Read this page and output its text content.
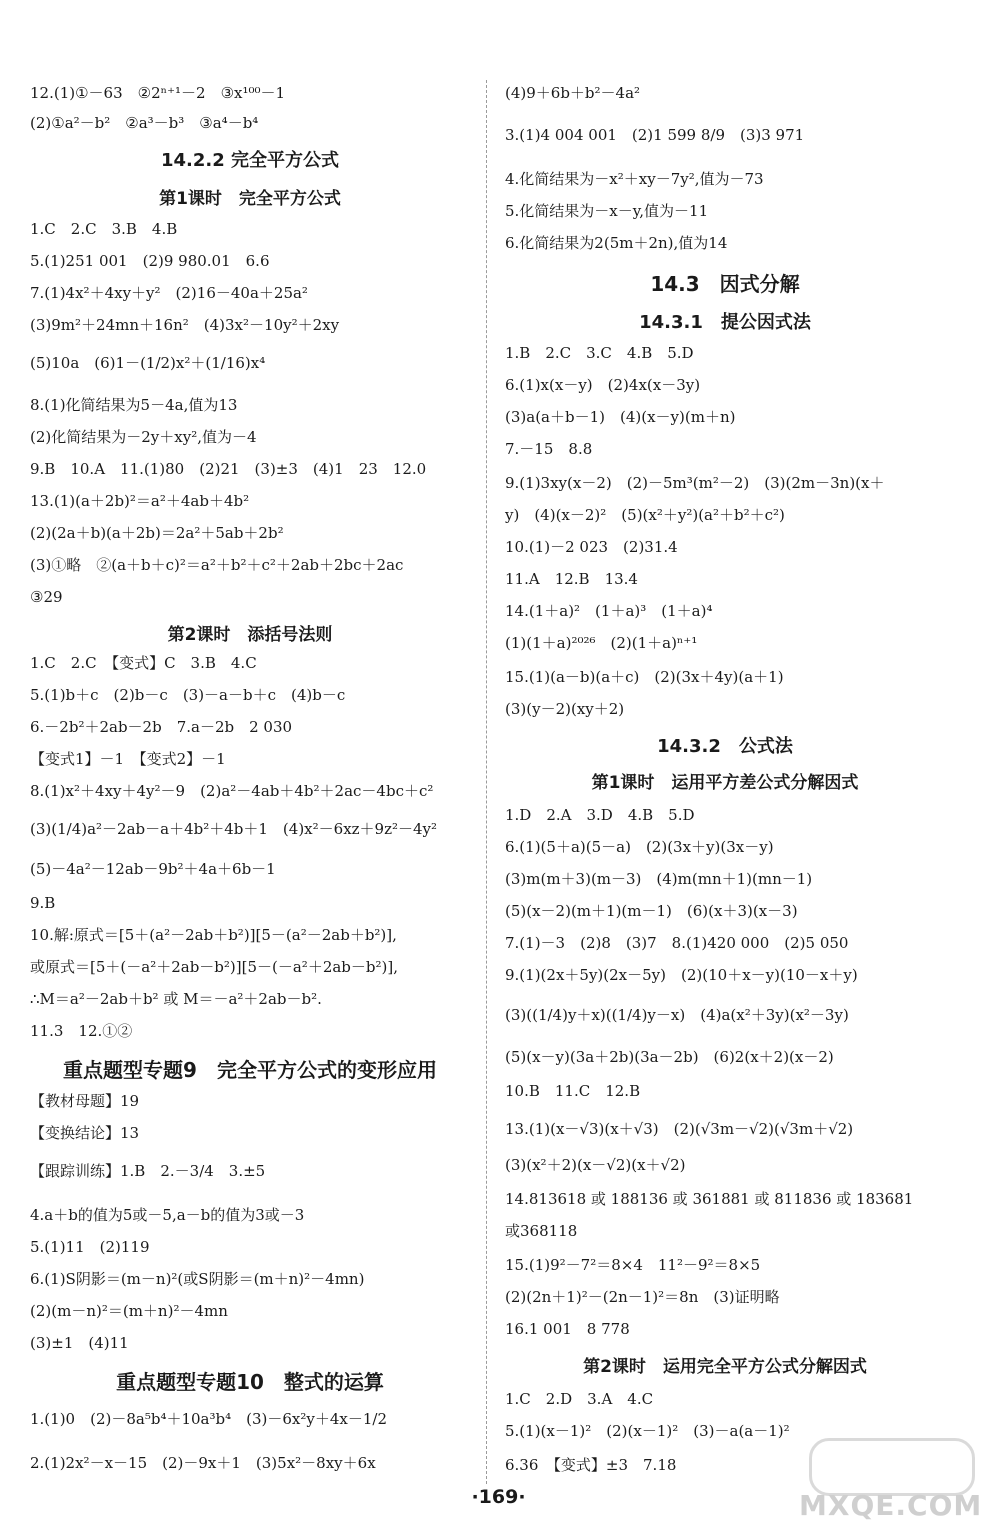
12.(1)①－63　②2ⁿ⁺¹－2　③x¹⁰⁰－1
(2)①a²－b²　②a³－b³　③a⁴－b⁴
14.2.2 完全平方公式
第1课时　完全平方公式
1.C　2.C　3.B　4.B
5.(1)251 001　(2)9 980.01　6.6
7.(1)4x²＋4xy＋y²　(2)16－40a＋25a²
(3)9m²＋24mn＋16n²　(4)3x²－10y²＋2xy
(5)10a　(6)1－(1/2)x²＋(1/16)x⁴
8.(1)化简结果为5－4a,值为13
(2)化简结果为－2y＋xy²,值为－4
9.B　10.A　11.(1)80　(2)21　(3)±3　(4)1　23　12.0
13.(1)(a＋2b)²＝a²＋4ab＋4b²
(2)(2a＋b)(a＋2b)＝2a²＋5ab＋2b²
(3)①略　②(a＋b＋c)²＝a²＋b²＋c²＋2ab＋2bc＋2ac
③29
第2课时　添括号法则
1.C　2.C　【变式】C　3.B　4.C
5.(1)b＋c　(2)b－c　(3)－a－b＋c　(4)b－c
6.－2b²＋2ab－2b　7.a－2b　2 030
【变式1】－1　【变式2】－1
8.(1)x²＋4xy＋4y²－9　(2)a²－4ab＋4b²＋2ac－4bc＋c²
(3)(1/4)a²－2ab－a＋4b²＋4b＋1　(4)x²－6xz＋9z²－4y²
(5)－4a²－12ab－9b²＋4a＋6b－1
9.B
10.解:原式＝[5＋(a²－2ab＋b²)][5－(a²－2ab＋b²)],
或原式＝[5＋(－a²＋2ab－b²)][5－(－a²＋2ab－b²)],
∴M＝a²－2ab＋b² 或 M＝－a²＋2ab－b².
11.3　12.①②
重点题型专题9　完全平方公式的变形应用
【教材母题】19
【变换结论】13
【跟踪训练】1.B　2.－3/4　3.±5
4.a＋b的值为5或－5,a－b的值为3或－3
5.(1)11　(2)119
6.(1)S阴影＝(m－n)²(或S阴影＝(m＋n)²－4mn)
(2)(m－n)²＝(m＋n)²－4mn
(3)±1　(4)11
重点题型专题10　整式的运算
1.(1)0　(2)－8a⁵b⁴＋10a³b⁴　(3)－6x²y＋4x－1/2
2.(1)2x²－x－15　(2)－9x＋1　(3)5x²－8xy＋6x
(4)9＋6b＋b²－4a²
3.(1)4 004 001　(2)1 599 8/9　(3)3 971
4.化简结果为－x²＋xy－7y²,值为－73
5.化简结果为－x－y,值为－11
6.化简结果为2(5m＋2n),值为14
14.3　因式分解
14.3.1　提公因式法
1.B　2.C　3.C　4.B　5.D
6.(1)x(x－y)　(2)4x(x－3y)
(3)a(a＋b－1)　(4)(x－y)(m＋n)
7.－15　8.8
9.(1)3xy(x－2)　(2)－5m³(m²－2)　(3)(2m－3n)(x＋
y)　(4)(x－2)²　(5)(x²＋y²)(a²＋b²＋c²)
10.(1)－2 023　(2)31.4
11.A　12.B　13.4
14.(1＋a)²　(1＋a)³　(1＋a)⁴
(1)(1＋a)²⁰²⁶　(2)(1＋a)ⁿ⁺¹
15.(1)(a－b)(a＋c)　(2)(3x＋4y)(a＋1)
(3)(y－2)(xy＋2)
14.3.2　公式法
第1课时　运用平方差公式分解因式
1.D　2.A　3.D　4.B　5.D
6.(1)(5＋a)(5－a)　(2)(3x＋y)(3x－y)
(3)m(m＋3)(m－3)　(4)m(mn＋1)(mn－1)
(5)(x－2)(m＋1)(m－1)　(6)(x＋3)(x－3)
7.(1)－3　(2)8　(3)7　8.(1)420 000　(2)5 050
9.(1)(2x＋5y)(2x－5y)　(2)(10＋x－y)(10－x＋y)
(3)((1/4)y＋x)((1/4)y－x)　(4)a(x²＋3y)(x²－3y)
(5)(x－y)(3a＋2b)(3a－2b)　(6)2(x＋2)(x－2)
10.B　11.C　12.B
13.(1)(x－√3)(x＋√3)　(2)(√3m－√2)(√3m＋√2)
(3)(x²＋2)(x－√2)(x＋√2)
14.813618 或 188136 或 361881 或 811836 或 183681
或368118
15.(1)9²－7²＝8×4　11²－9²＝8×5
(2)(2n＋1)²－(2n－1)²＝8n　(3)证明略
16.1 001　8 778
第2课时　运用完全平方公式分解因式
1.C　2.D　3.A　4.C
5.(1)(x－1)²　(2)(x－1)²　(3)－a(a－1)²
6.36　【变式】±3　7.18
·169·	MXQE.COM
